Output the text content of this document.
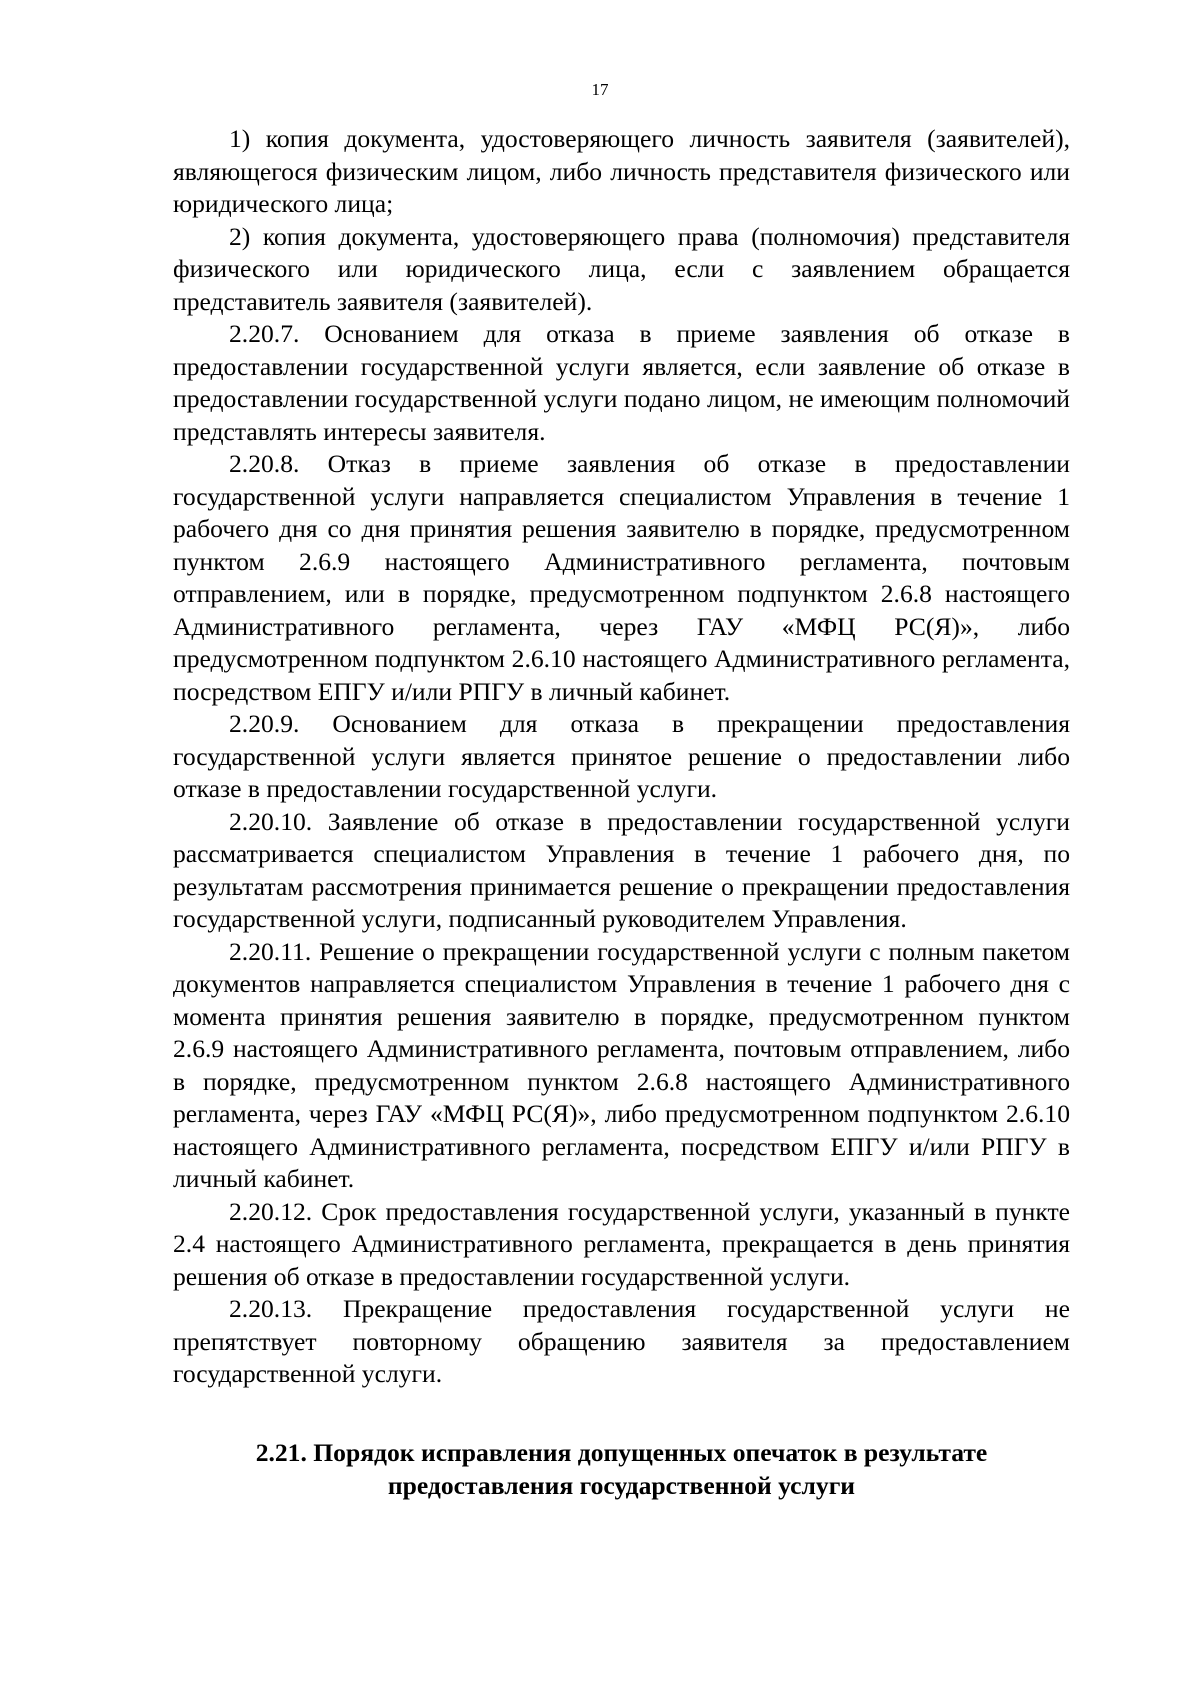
17

1) копия документа, удостоверяющего личность заявителя (заявителей), являющегося физическим лицом, либо личность представителя физического или юридического лица;

2) копия документа, удостоверяющего права (полномочия) представителя физического или юридического лица, если с заявлением обращается представитель заявителя (заявителей).

2.20.7. Основанием для отказа в приеме заявления об отказе в предоставлении государственной услуги является, если заявление об отказе в предоставлении государственной услуги подано лицом, не имеющим полномочий представлять интересы заявителя.

2.20.8. Отказ в приеме заявления об отказе в предоставлении государственной услуги направляется специалистом Управления в течение 1 рабочего дня со дня принятия решения заявителю в порядке, предусмотренном пунктом 2.6.9 настоящего Административного регламента, почтовым отправлением, или в порядке, предусмотренном подпунктом 2.6.8 настоящего Административного регламента, через ГАУ «МФЦ РС(Я)», либо предусмотренном подпунктом 2.6.10 настоящего Административного регламента, посредством ЕПГУ и/или РПГУ в личный кабинет.

2.20.9. Основанием для отказа в прекращении предоставления государственной услуги является принятое решение о предоставлении либо отказе в предоставлении государственной услуги.

2.20.10. Заявление об отказе в предоставлении государственной услуги рассматривается специалистом Управления в течение 1 рабочего дня, по результатам рассмотрения принимается решение о прекращении предоставления государственной услуги, подписанный руководителем Управления.

2.20.11. Решение о прекращении государственной услуги с полным пакетом документов направляется специалистом Управления в течение 1 рабочего дня с момента принятия решения заявителю в порядке, предусмотренном пунктом 2.6.9 настоящего Административного регламента, почтовым отправлением, либо в порядке, предусмотренном пунктом 2.6.8 настоящего Административного регламента, через ГАУ «МФЦ РС(Я)», либо предусмотренном подпунктом 2.6.10 настоящего Административного регламента, посредством ЕПГУ и/или РПГУ в личный кабинет.

2.20.12. Срок предоставления государственной услуги, указанный в пункте 2.4 настоящего Административного регламента, прекращается в день принятия решения об отказе в предоставлении государственной услуги.

2.20.13. Прекращение предоставления государственной услуги не препятствует повторному обращению заявителя за предоставлением государственной услуги.

2.21. Порядок исправления допущенных опечаток в результате
предоставления государственной услуги
